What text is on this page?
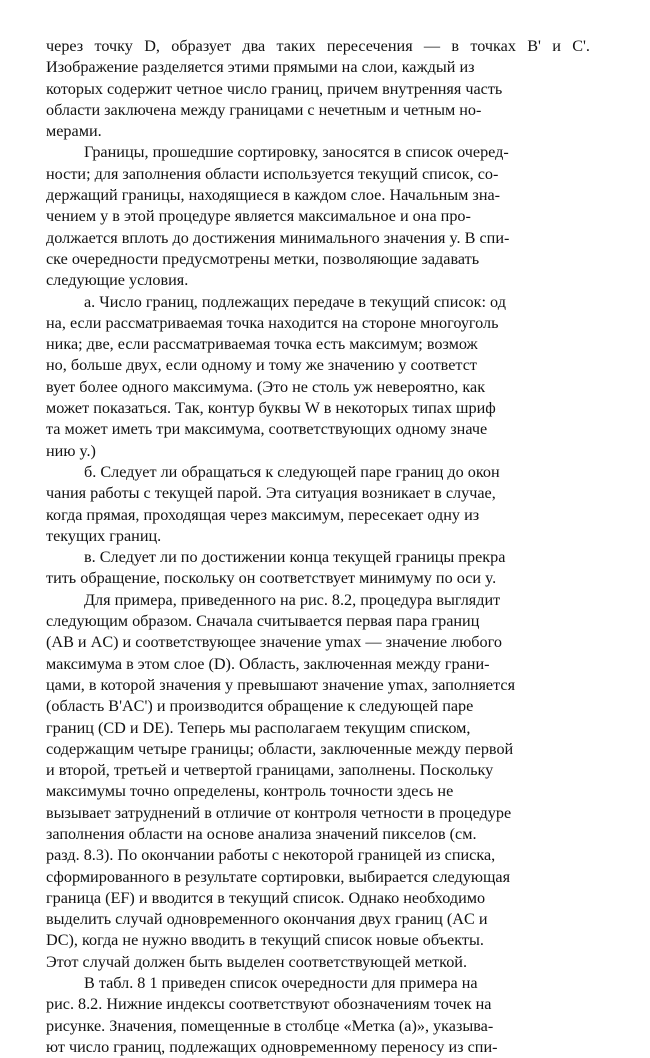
через точку D, образует два таких пересечения — в точках B' и C'.
Изображение разделяется этими прямыми на слои, каждый из
которых содержит четное число границ, причем внутренняя часть
области заключена между границами с нечетным и четным но-
мерами.
Границы, прошедшие сортировку, заносятся в список очеред-
ности; для заполнения области используется текущий список, со-
держащий границы, находящиеся в каждом слое. Начальным зна-
чением y в этой процедуре является максимальное и она про-
должается вплоть до достижения минимального значения y. В спи-
ске очередности предусмотрены метки, позволяющие задавать
следующие условия.
а. Число границ, подлежащих передаче в текущий список: од
на, если рассматриваемая точка находится на стороне многоуголь
ника; две, если рассматриваемая точка есть максимум; возмож
но, больше двух, если одному и тому же значению y соответст
вует более одного максимума. (Это не столь уж невероятно, как
может показаться. Так, контур буквы W в некоторых типах шриф
та может иметь три максимума, соответствующих одному значе
нию y.)
б. Следует ли обращаться к следующей паре границ до окон
чания работы с текущей парой. Эта ситуация возникает в случае,
когда прямая, проходящая через максимум, пересекает одну из
текущих границ.
в. Следует ли по достижении конца текущей границы прекра
тить обращение, поскольку он соответствует минимуму по оси y.
Для примера, приведенного на рис. 8.2, процедура выглядит
следующим образом. Сначала считывается первая пара границ
(AB и AC) и соответствующее значение ymax — значение любого
максимума в этом слое (D). Область, заключенная между грани-
цами, в которой значения y превышают значение ymax, заполняется
(область B'AC') и производится обращение к следующей паре
границ (CD и DE). Теперь мы располагаем текущим списком,
содержащим четыре границы; области, заключенные между первой
и второй, третьей и четвертой границами, заполнены. Поскольку
максимумы точно определены, контроль точности здесь не
вызывает затруднений в отличие от контроля четности в процедуре
заполнения области на основе анализа значений пикселов (см.
разд. 8.3). По окончании работы с некоторой границей из списка,
сформированного в результате сортировки, выбирается следующая
граница (EF) и вводится в текущий список. Однако необходимо
выделить случай одновременного окончания двух границ (AC и
DC), когда не нужно вводить в текущий список новые объекты.
Этот случай должен быть выделен соответствующей меткой.
В табл. 8 1 приведен список очередности для примера на
рис. 8.2. Нижние индексы соответствуют обозначениям точек на
рисунке. Значения, помещенные в столбце «Метка (а)», указыва-
ют число границ, подлежащих одновременному переносу из спи-
